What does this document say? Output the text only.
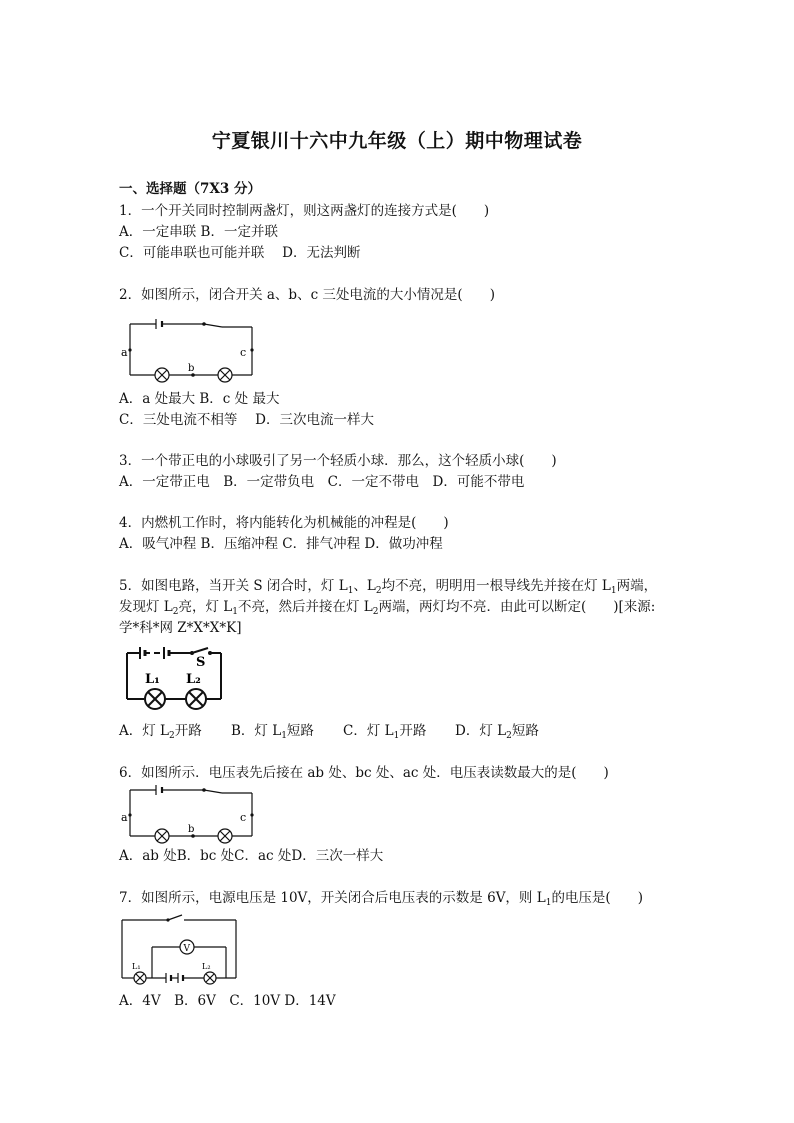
宁夏银川十六中九年级（上）期中物理试卷
一、选择题（7X3 分）
1．一个开关同时控制两盏灯，则这两盏灯的连接方式是(　　)
A．一定串联 B．一定并联
C．可能串联也可能并联　 D．无法判断
2．如图所示，闭合开关 a、b、c 三处电流的大小情况是(　　)
a	c
b
A．a 处最大 B．c 处 最大
C．三处电流不相等　 D．三次电流一样大
3．一个带正电的小球吸引了另一个轻质小球．那么，这个轻质小球(　　)
A．一定带正电　B．一定带负电　C．一定不带电　D．可能不带电
4．内燃机工作时，将内能转化为机械能的冲程是(　　)
A．吸气冲程 B．压缩冲程 C．排气冲程 D．做功冲程
5．如图电路，当开关 S 闭合时，灯 $L_1$、$L_2$均不亮，明明用一根导线先并接在灯 $L_1$两端，
发现灯 $L_2$亮，灯 $L_1$不亮，然后并接在灯 $L_2$两端，两灯均不亮．由此可以断定(　　)[来源:
学*科*网 Z*X*X*K]
S
L₁ L₂
A．灯 $L_2$开路 B．灯 $L_1$短路 C．灯 $L_1$开路 D．灯 $L_2$短路
6．如图所示．电压表先后接在 ab 处、bc 处、ac 处．电压表读数最大的是(　　)
a	c
b
A．ab 处B．bc 处C．ac 处D．三次一样大
7．如图所示，电源电压是 10V，开关闭合后电压表的示数是 6V，则 $L_1$的电压是(　　)
V
L₁	L₂
A．4V　B．6V　C．10V D．14V
